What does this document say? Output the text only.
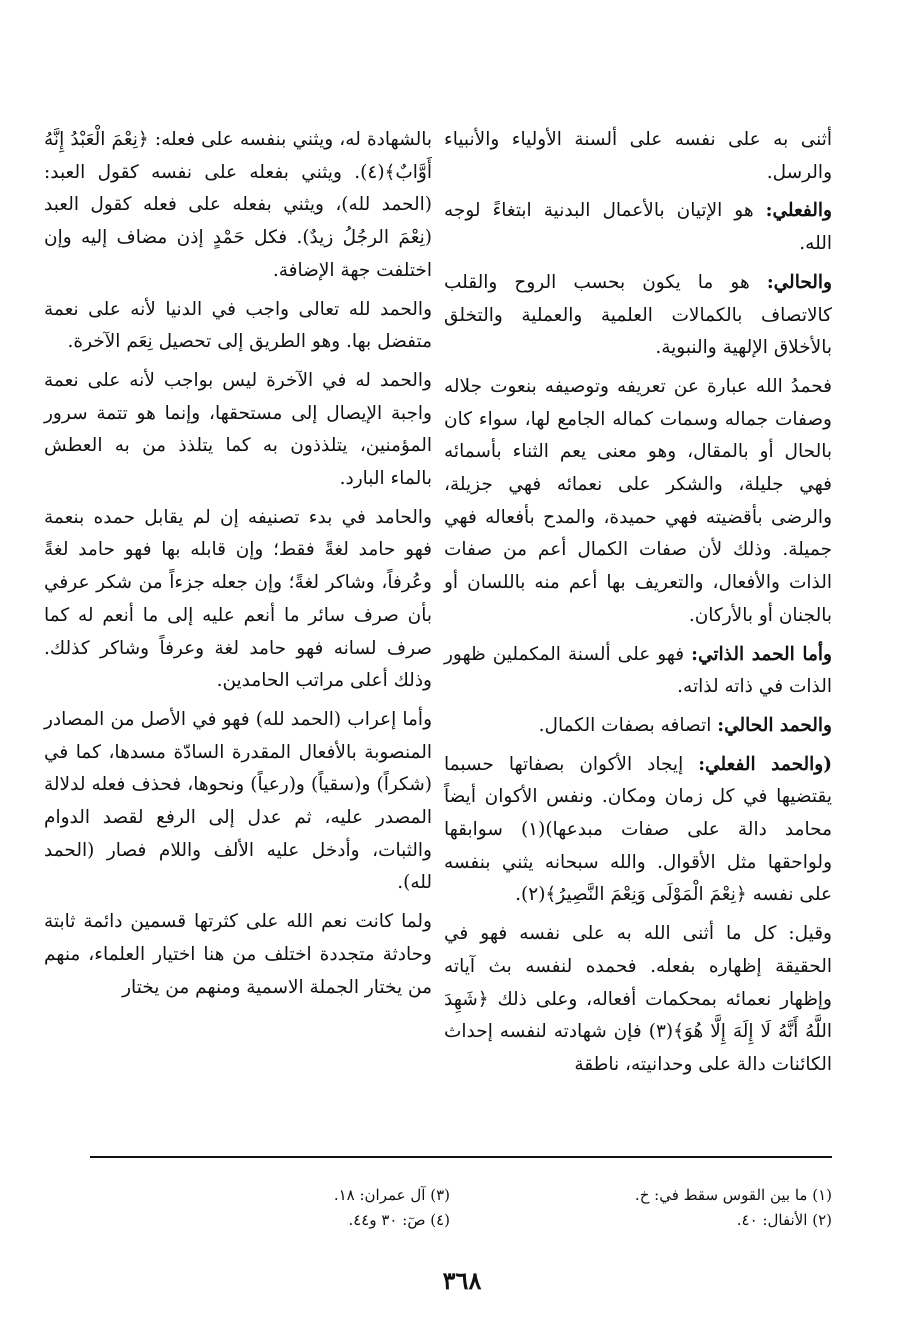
أثنى به على نفسه على ألسنة الأولياء والأنبياء والرسل.

والفعلي: هو الإتيان بالأعمال البدنية ابتغاءً لوجه الله.

والحالي: هو ما يكون بحسب الروح والقلب كالاتصاف بالكمالات العلمية والعملية والتخلق بالأخلاق الإلهية والنبوية.

فحمدُ الله عبارة عن تعريفه وتوصيفه بنعوت جلاله وصفات جماله وسمات كماله الجامع لها، سواء كان بالحال أو بالمقال، وهو معنى يعم الثناء بأسمائه فهي جليلة، والشكر على نعمائه فهي جزيلة، والرضى بأقضيته فهي حميدة، والمدح بأفعاله فهي جميلة. وذلك لأن صفات الكمال أعم من صفات الذات والأفعال، والتعريف بها أعم منه باللسان أو بالجنان أو بالأركان.

وأما الحمد الذاتي: فهو على ألسنة المكملين ظهور الذات في ذاته لذاته.

والحمد الحالي: اتصافه بصفات الكمال.

(والحمد الفعلي: إيجاد الأكوان بصفاتها حسبما يقتضيها في كل زمان ومكان. ونفس الأكوان أيضاً محامد دالة على صفات مبدعها)(١) سوابقها ولواحقها مثل الأقوال. والله سبحانه يثني بنفسه على نفسه ﴿نِعْمَ الْمَوْلَى وَنِعْمَ النَّصِيرُ﴾(٢).

وقيل: كل ما أثنى الله به على نفسه فهو في الحقيقة إظهاره بفعله. فحمده لنفسه بث آياته وإظهار نعمائه بمحكمات أفعاله، وعلى ذلك ﴿شَهِدَ اللَّهُ أَنَّهُ لَا إِلَهَ إِلَّا هُوَ﴾(٣) فإن شهادته لنفسه إحداث الكائنات دالة على وحدانيته، ناطقة

بالشهادة له، ويثني بنفسه على فعله: ﴿نِعْمَ الْعَبْدُ إِنَّهُ أَوَّابٌ﴾(٤). ويثني بفعله على نفسه كقول العبد: (الحمد لله)، ويثني بفعله على فعله كقول العبد (نِعْمَ الرجُلُ زيدٌ). فكل حَمْدٍ إذن مضاف إليه وإن اختلفت جهة الإضافة.

والحمد لله تعالى واجب في الدنيا لأنه على نعمة متفضل بها. وهو الطريق إلى تحصيل نِعَم الآخرة.

والحمد له في الآخرة ليس بواجب لأنه على نعمة واجبة الإيصال إلى مستحقها، وإنما هو تتمة سرور المؤمنين، يتلذذون به كما يتلذذ من به العطش بالماء البارد.

والحامد في بدء تصنيفه إن لم يقابل حمده بنعمة فهو حامد لغةً فقط؛ وإن قابله بها فهو حامد لغةً وعُرفاً، وشاكر لغةً؛ وإن جعله جزءاً من شكر عرفي بأن صرف سائر ما أنعم عليه إلى ما أنعم له كما صرف لسانه فهو حامد لغة وعرفاً وشاكر كذلك. وذلك أعلى مراتب الحامدين.

وأما إعراب (الحمد لله) فهو في الأصل من المصادر المنصوبة بالأفعال المقدرة السادّة مسدها، كما في (شكراً) و(سقياً) و(رعياً) ونحوها، فحذف فعله لدلالة المصدر عليه، ثم عدل إلى الرفع لقصد الدوام والثبات، وأدخل عليه الألف واللام فصار (الحمد لله).

ولما كانت نعم الله على كثرتها قسمين دائمة ثابتة وحادثة متجددة اختلف من هنا اختيار العلماء، منهم من يختار الجملة الاسمية ومنهم من يختار

(١) ما بين القوس سقط في: خ.

(٢) الأنفال: ٤٠.

(٣) آل عمران: ١٨.

(٤) صٓ: ٣٠ و٤٤.

٣٦٨
